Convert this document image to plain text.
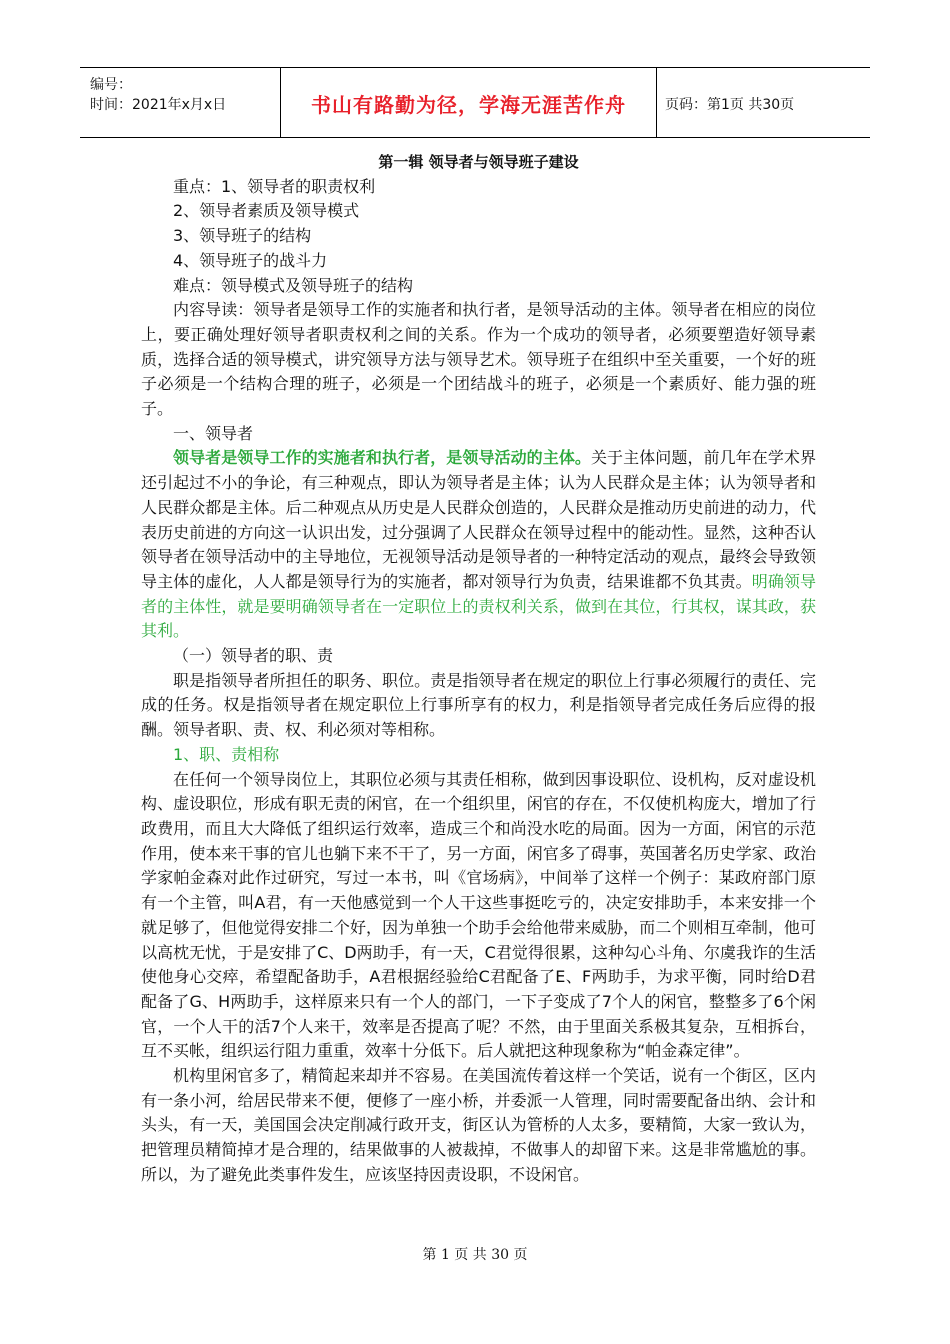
编号：
时间：2021年x月x日	书山有路勤为径，学海无涯苦作舟	页码：第1页 共30页

第一辑 领导者与领导班子建设

重点：1、领导者的职责权利

2、领导者素质及领导模式

3、领导班子的结构

4、领导班子的战斗力

难点：领导模式及领导班子的结构

内容导读：领导者是领导工作的实施者和执行者，是领导活动的主体。领导者在相应的岗位上，要正确处理好领导者职责权利之间的关系。作为一个成功的领导者，必须要塑造好领导素质，选择合适的领导模式，讲究领导方法与领导艺术。领导班子在组织中至关重要，一个好的班子必须是一个结构合理的班子，必须是一个团结战斗的班子，必须是一个素质好、能力强的班子。

一、领导者

领导者是领导工作的实施者和执行者，是领导活动的主体。关于主体问题，前几年在学术界还引起过不小的争论，有三种观点，即认为领导者是主体；认为人民群众是主体；认为领导者和人民群众都是主体。后二种观点从历史是人民群众创造的，人民群众是推动历史前进的动力，代表历史前进的方向这一认识出发，过分强调了人民群众在领导过程中的能动性。显然，这种否认领导者在领导活动中的主导地位，无视领导活动是领导者的一种特定活动的观点，最终会导致领导主体的虚化，人人都是领导行为的实施者，都对领导行为负责，结果谁都不负其责。明确领导者的主体性，就是要明确领导者在一定职位上的责权利关系，做到在其位，行其权，谋其政，获其利。

（一）领导者的职、责

职是指领导者所担任的职务、职位。责是指领导者在规定的职位上行事必须履行的责任、完成的任务。权是指领导者在规定职位上行事所享有的权力，利是指领导者完成任务后应得的报酬。领导者职、责、权、利必须对等相称。

1、职、责相称

在任何一个领导岗位上，其职位必须与其责任相称，做到因事设职位、设机构，反对虚设机构、虚设职位，形成有职无责的闲官，在一个组织里，闲官的存在，不仅使机构庞大，增加了行政费用，而且大大降低了组织运行效率，造成三个和尚没水吃的局面。因为一方面，闲官的示范作用，使本来干事的官儿也躺下来不干了，另一方面，闲官多了碍事，英国著名历史学家、政治学家帕金森对此作过研究，写过一本书，叫《官场病》，中间举了这样一个例子：某政府部门原有一个主管，叫A君，有一天他感觉到一个人干这些事挺吃亏的，决定安排助手，本来安排一个就足够了，但他觉得安排二个好，因为单独一个助手会给他带来威胁，而二个则相互牵制，他可以高枕无忧，于是安排了C、D两助手，有一天，C君觉得很累，这种勾心斗角、尔虞我诈的生活使他身心交瘁，希望配备助手，A君根据经验给C君配备了E、F两助手，为求平衡，同时给D君配备了G、H两助手，这样原来只有一个人的部门，一下子变成了7个人的闲官，整整多了6个闲官，一个人干的活7个人来干，效率是否提高了呢？不然，由于里面关系极其复杂，互相拆台，互不买帐，组织运行阻力重重，效率十分低下。后人就把这种现象称为“帕金森定律”。

机构里闲官多了，精简起来却并不容易。在美国流传着这样一个笑话，说有一个街区，区内有一条小河，给居民带来不便，便修了一座小桥，并委派一人管理，同时需要配备出纳、会计和头头，有一天，美国国会决定削减行政开支，街区认为管桥的人太多，要精简，大家一致认为，把管理员精简掉才是合理的，结果做事的人被裁掉，不做事人的却留下来。这是非常尴尬的事。所以，为了避免此类事件发生，应该坚持因责设职，不设闲官。

第 1 页 共 30 页
